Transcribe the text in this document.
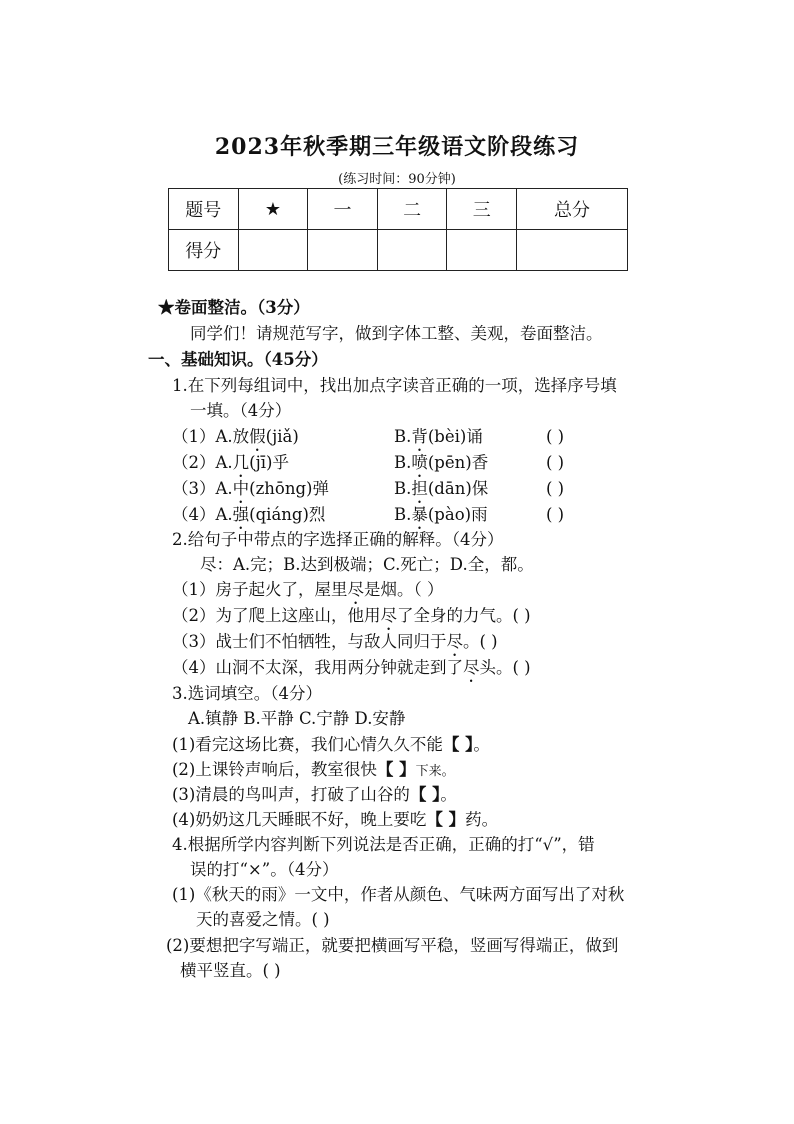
2023年秋季期三年级语文阶段练习
(练习时间：90分钟)
题号	★	一	二	三	总分
得分					
★卷面整洁。（3分）
同学们！请规范写字，做到字体工整、美观，卷面整洁。
一、基础知识。（45分）
1.在下列每组词中，找出加点字读音正确的一项，选择序号填
一填。（4分）
（1）A.放假(jiǎ)	B.背(bèi)诵	( )
（2）A.几(jī)乎	B.喷(pēn)香	( )
（3）A.中(zhōng)弹	B.担(dān)保	( )
（4）A.强(qiáng)烈	B.暴(pào)雨	( )
2.给句子中带点的字选择正确的解释。（4分）
尽：A.完；B.达到极端；C.死亡；D.全，都。
（1）房子起火了，屋里尽是烟。（ ）
（2）为了爬上这座山，他用尽了全身的力气。( )
（3）战士们不怕牺牲，与敌人同归于尽。( )
（4）山洞不太深，我用两分钟就走到了尽头。( )
3.选词填空。（4分）
A.镇静 B.平静 C.宁静 D.安静
(1)看完这场比赛，我们心情久久不能【 】。
(2)上课铃声响后，教室很快【 】下来。
(3)清晨的鸟叫声，打破了山谷的【 】。
(4)奶奶这几天睡眠不好，晚上要吃【 】药。
4.根据所学内容判断下列说法是否正确，正确的打“√”，错
误的打“×”。（4分）
(1)《秋天的雨》一文中，作者从颜色、气味两方面写出了对秋
天的喜爱之情。( )
(2)要想把字写端正，就要把横画写平稳，竖画写得端正，做到
横平竖直。( )
